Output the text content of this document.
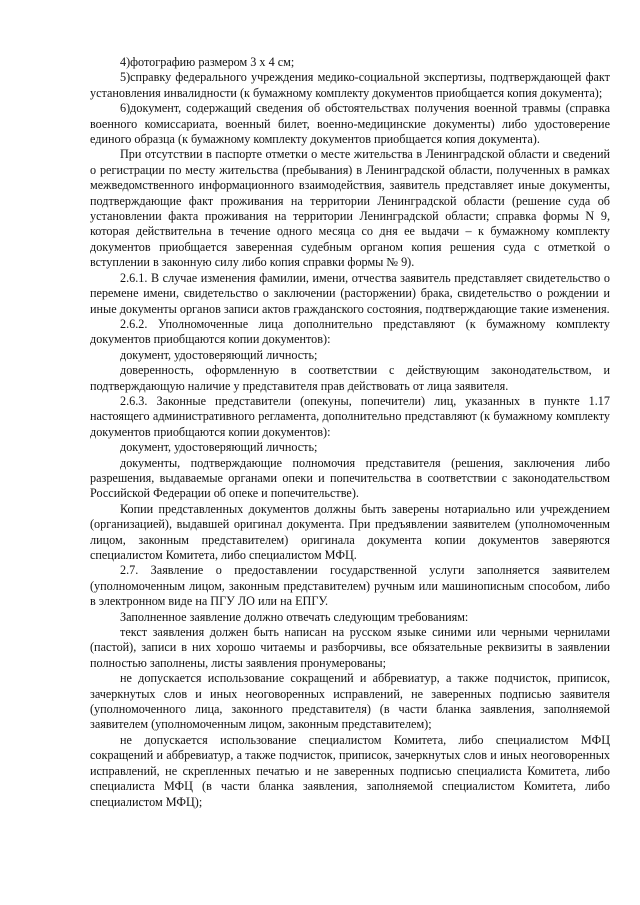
4)фотографию размером 3 х 4 см;

5)справку федерального учреждения медико-социальной экспертизы, подтверждающей факт установления инвалидности (к бумажному комплекту документов приобщается копия документа);

6)документ, содержащий сведения об обстоятельствах получения военной травмы (справка военного комиссариата, военный билет, военно-медицинские документы) либо удостоверение единого образца (к бумажному комплекту документов приобщается копия документа).

При отсутствии в паспорте отметки о месте жительства в Ленинградской области и сведений о регистрации по месту жительства (пребывания) в Ленинградской области, полученных в рамках межведомственного информационного взаимодействия, заявитель представляет иные документы, подтверждающие факт проживания на территории Ленинградской области (решение суда об установлении факта проживания на территории Ленинградской области; справка формы N 9, которая действительна в течение одного месяца со дня ее выдачи – к бумажному комплекту документов приобщается заверенная судебным органом копия решения суда с отметкой о вступлении в законную силу либо копия справки формы № 9).

2.6.1. В случае изменения фамилии, имени, отчества заявитель представляет свидетельство о перемене имени, свидетельство о заключении (расторжении) брака, свидетельство о рождении и иные документы органов записи актов гражданского состояния, подтверждающие такие изменения.

2.6.2. Уполномоченные лица дополнительно представляют (к бумажному комплекту документов приобщаются копии документов):

документ, удостоверяющий личность;

доверенность, оформленную в соответствии с действующим законодательством, и подтверждающую наличие у представителя прав действовать от лица заявителя.

2.6.3. Законные представители (опекуны, попечители) лиц, указанных в пункте 1.17 настоящего административного регламента, дополнительно представляют (к бумажному комплекту документов приобщаются копии документов):

документ, удостоверяющий личность;

документы, подтверждающие полномочия представителя (решения, заключения либо разрешения, выдаваемые органами опеки и попечительства в соответствии с законодательством Российской Федерации об опеке и попечительстве).

Копии представленных документов должны быть заверены нотариально или учреждением (организацией), выдавшей оригинал документа. При предъявлении заявителем (уполномоченным лицом, законным представителем) оригинала документа копии документов заверяются специалистом Комитета, либо специалистом МФЦ.

2.7. Заявление о предоставлении государственной услуги заполняется заявителем (уполномоченным лицом, законным представителем) ручным или машинописным способом, либо в электронном виде на ПГУ ЛО или на ЕПГУ.

Заполненное заявление должно отвечать следующим требованиям:

текст заявления должен быть написан на русском языке синими или черными чернилами (пастой), записи в них хорошо читаемы и разборчивы, все обязательные реквизиты в заявлении полностью заполнены, листы заявления пронумерованы;

не допускается использование сокращений и аббревиатур, а также подчисток, приписок, зачеркнутых слов и иных неоговоренных исправлений, не заверенных подписью заявителя (уполномоченного лица, законного представителя) (в части бланка заявления, заполняемой заявителем (уполномоченным лицом, законным представителем);

не допускается использование специалистом Комитета, либо специалистом МФЦ сокращений и аббревиатур, а также подчисток, приписок, зачеркнутых слов и иных неоговоренных исправлений, не скрепленных печатью и не заверенных подписью специалиста Комитета, либо специалиста МФЦ (в части бланка заявления, заполняемой специалистом Комитета, либо специалистом МФЦ);
